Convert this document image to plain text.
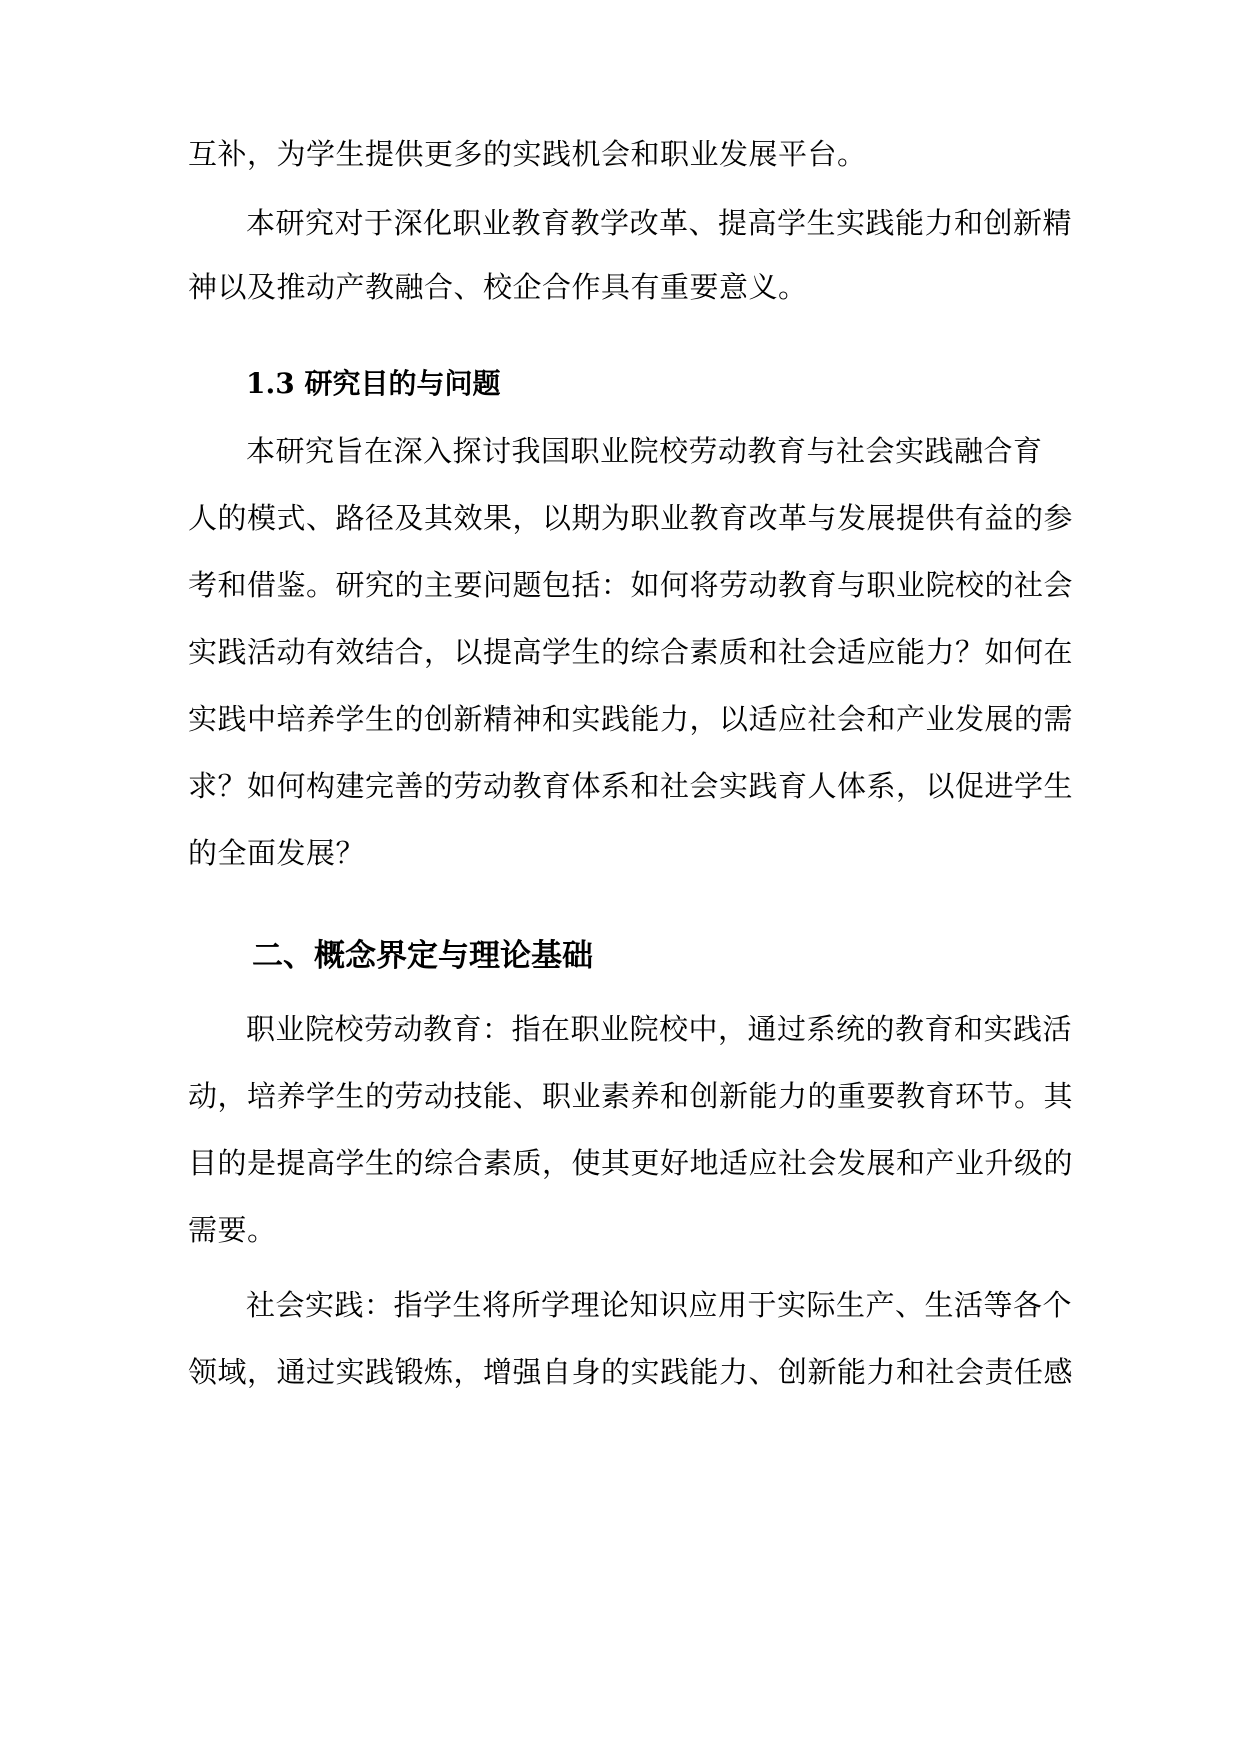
互补，为学生提供更多的实践机会和职业发展平台。
本研究对于深化职业教育教学改革、提高学生实践能力和创新精
神以及推动产教融合、校企合作具有重要意义。
1.3 研究目的与问题
本研究旨在深入探讨我国职业院校劳动教育与社会实践融合育
人的模式、路径及其效果，以期为职业教育改革与发展提供有益的参
考和借鉴。研究的主要问题包括：如何将劳动教育与职业院校的社会
实践活动有效结合，以提高学生的综合素质和社会适应能力？如何在
实践中培养学生的创新精神和实践能力，以适应社会和产业发展的需
求？如何构建完善的劳动教育体系和社会实践育人体系，以促进学生
的全面发展？
二、概念界定与理论基础
职业院校劳动教育：指在职业院校中，通过系统的教育和实践活
动，培养学生的劳动技能、职业素养和创新能力的重要教育环节。其
目的是提高学生的综合素质，使其更好地适应社会发展和产业升级的
需要。
社会实践：指学生将所学理论知识应用于实际生产、生活等各个
领域，通过实践锻炼，增强自身的实践能力、创新能力和社会责任感
